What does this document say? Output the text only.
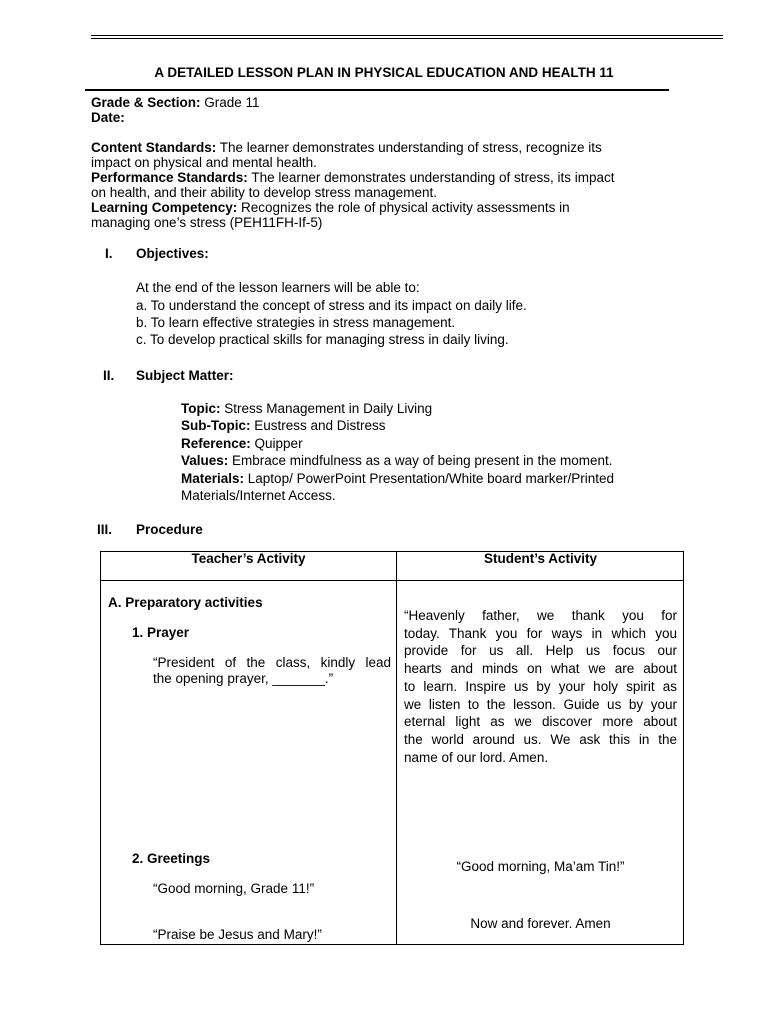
A DETAILED LESSON PLAN IN PHYSICAL EDUCATION AND HEALTH 11
Grade & Section: Grade 11
Date:
Content Standards: The learner demonstrates understanding of stress, recognize its
impact on physical and mental health.
Performance Standards: The learner demonstrates understanding of stress, its impact
on health, and their ability to develop stress management.
Learning Competency: Recognizes the role of physical activity assessments in
managing one’s stress (PEH11FH-If-5)
I. Objectives:
At the end of the lesson learners will be able to:
a. To understand the concept of stress and its impact on daily life.
b. To learn effective strategies in stress management.
c. To develop practical skills for managing stress in daily living.
II. Subject Matter:
Topic: Stress Management in Daily Living
Sub-Topic: Eustress and Distress
Reference: Quipper
Values: Embrace mindfulness as a way of being present in the moment.
Materials: Laptop/ PowerPoint Presentation/White board marker/Printed
Materials/Internet Access.
III. Procedure
Teacher’s Activity	Student’s Activity
A. Preparatory activities
1. Prayer
“President of the class, kindly lead
the opening prayer, _______.”
2. Greetings
“Good morning, Grade 11!”
“Praise be Jesus and Mary!”
“Heavenly father, we thank you for
today. Thank you for ways in which you
provide for us all. Help us focus our
hearts and minds on what we are about
to learn. Inspire us by your holy spirit as
we listen to the lesson. Guide us by your
eternal light as we discover more about
the world around us. We ask this in the
name of our lord. Amen.
“Good morning, Ma’am Tin!”
Now and forever. Amen
